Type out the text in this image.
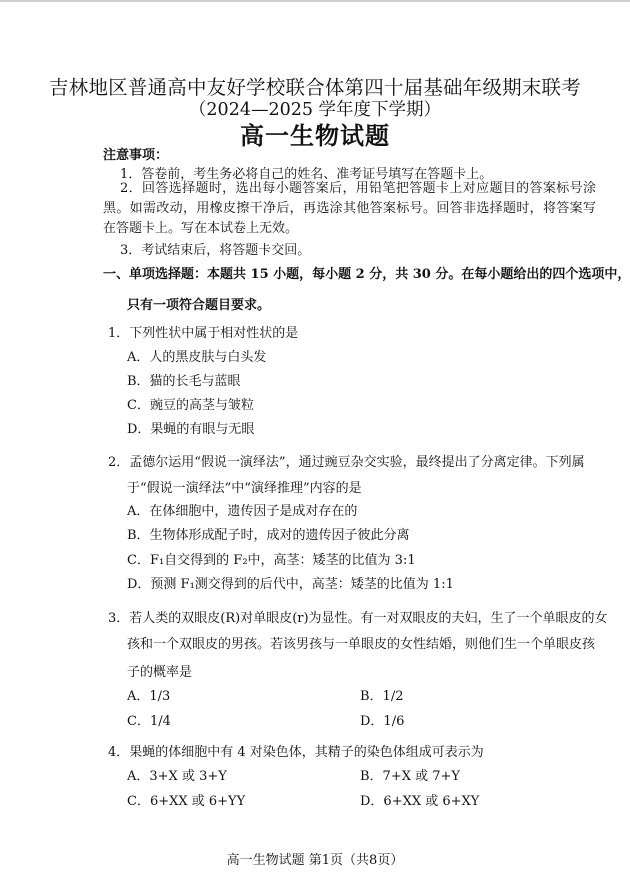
吉林地区普通高中友好学校联合体第四十届基础年级期末联考
（2024—2025 学年度下学期）
高一生物试题
注意事项：
1．答卷前，考生务必将自己的姓名、准考证号填写在答题卡上。
2．回答选择题时，选出每小题答案后，用铅笔把答题卡上对应题目的答案标号涂黑。如需改动，用橡皮擦干净后，再选涂其他答案标号。回答非选择题时，将答案写在答题卡上。写在本试卷上无效。
3．考试结束后，将答题卡交回。
一、单项选择题：本题共 15 小题，每小题 2 分，共 30 分。在每小题给出的四个选项中，
只有一项符合题目要求。
1．下列性状中属于相对性状的是
A．人的黑皮肤与白头发
B．猫的长毛与蓝眼
C．豌豆的高茎与皱粒
D．果蝇的有眼与无眼
2．孟德尔运用“假说一演绎法”，通过豌豆杂交实验，最终提出了分离定律。下列属
于“假说一演绎法”中“演绎推理”内容的是
A．在体细胞中，遗传因子是成对存在的
B．生物体形成配子时，成对的遗传因子彼此分离
C．F₁自交得到的 F₂中，高茎：矮茎的比值为 3:1
D．预测 F₁测交得到的后代中，高茎：矮茎的比值为 1:1
3．若人类的双眼皮(R)对单眼皮(r)为显性。有一对双眼皮的夫妇，生了一个单眼皮的女
孩和一个双眼皮的男孩。若该男孩与一单眼皮的女性结婚，则他们生一个单眼皮孩
子的概率是
A．1/3	B．1/2
C．1/4	D．1/6
4．果蝇的体细胞中有 4 对染色体，其精子的染色体组成可表示为
A．3+X 或 3+Y	B．7+X 或 7+Y
C．6+XX 或 6+YY	D．6+XX 或 6+XY
高一生物试题 第1页（共8页）
